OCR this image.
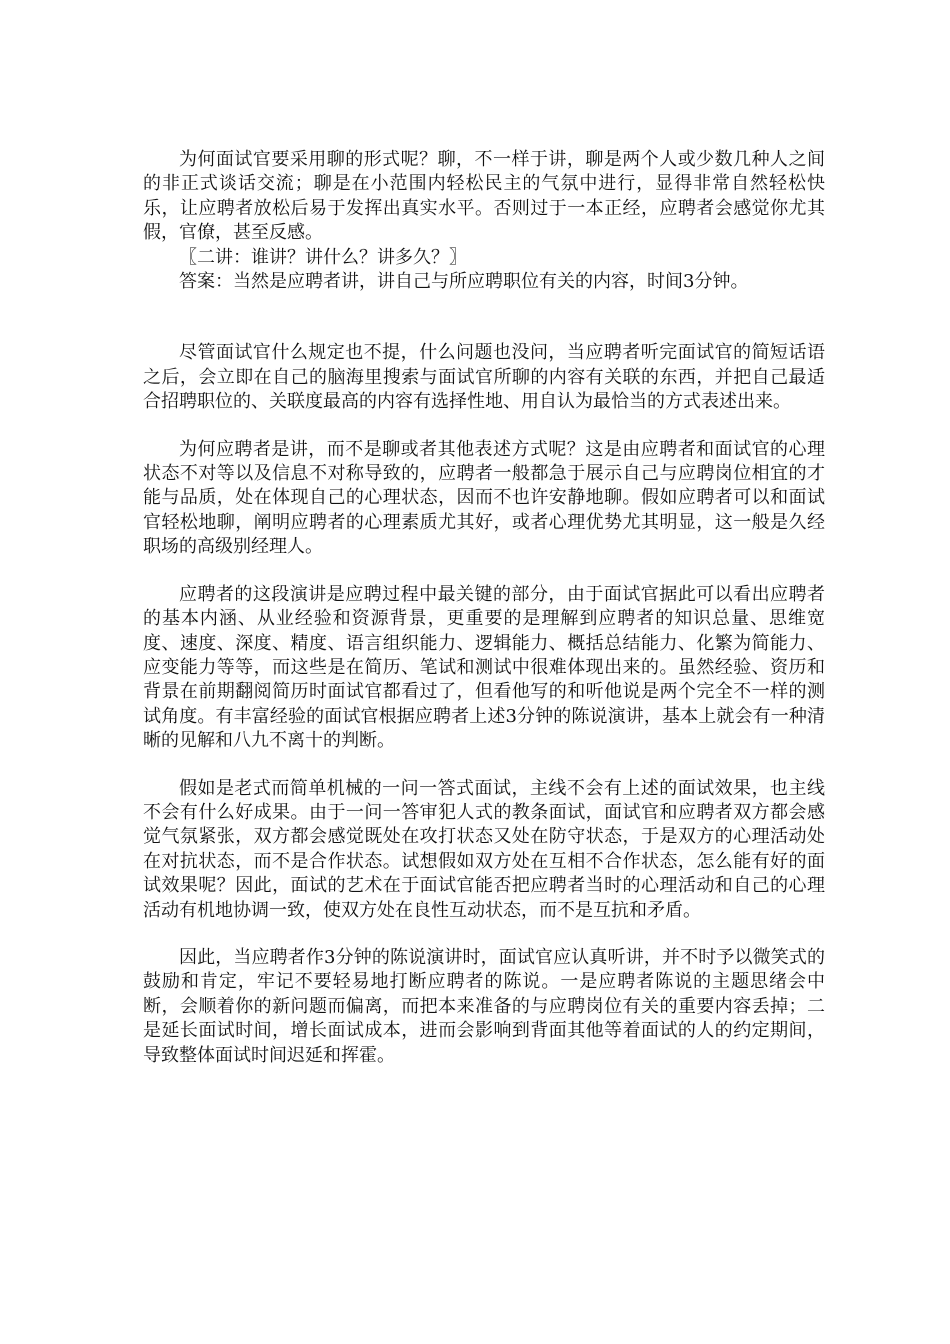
为何面试官要采用聊的形式呢？聊，不一样于讲，聊是两个人或少数几种人之间的非正式谈话交流；聊是在小范围内轻松民主的气氛中进行，显得非常自然轻松快乐，让应聘者放松后易于发挥出真实水平。否则过于一本正经，应聘者会感觉你尤其假，官僚，甚至反感。

〖二讲：谁讲？讲什么？讲多久？〗

答案：当然是应聘者讲，讲自己与所应聘职位有关的内容，时间3分钟。

尽管面试官什么规定也不提，什么问题也没问，当应聘者听完面试官的简短话语之后，会立即在自己的脑海里搜索与面试官所聊的内容有关联的东西，并把自己最适合招聘职位的、关联度最高的内容有选择性地、用自认为最恰当的方式表述出来。

为何应聘者是讲，而不是聊或者其他表述方式呢？这是由应聘者和面试官的心理状态不对等以及信息不对称导致的，应聘者一般都急于展示自己与应聘岗位相宜的才能与品质，处在体现自己的心理状态，因而不也许安静地聊。假如应聘者可以和面试官轻松地聊，阐明应聘者的心理素质尤其好，或者心理优势尤其明显，这一般是久经职场的高级别经理人。

应聘者的这段演讲是应聘过程中最关键的部分，由于面试官据此可以看出应聘者的基本内涵、从业经验和资源背景，更重要的是理解到应聘者的知识总量、思维宽度、速度、深度、精度、语言组织能力、逻辑能力、概括总结能力、化繁为简能力、应变能力等等，而这些是在简历、笔试和测试中很难体现出来的。虽然经验、资历和背景在前期翻阅简历时面试官都看过了，但看他写的和听他说是两个完全不一样的测试角度。有丰富经验的面试官根据应聘者上述3分钟的陈说演讲，基本上就会有一种清晰的见解和八九不离十的判断。

假如是老式而简单机械的一问一答式面试，主线不会有上述的面试效果，也主线不会有什么好成果。由于一问一答审犯人式的教条面试，面试官和应聘者双方都会感觉气氛紧张，双方都会感觉既处在攻打状态又处在防守状态，于是双方的心理活动处在对抗状态，而不是合作状态。试想假如双方处在互相不合作状态，怎么能有好的面试效果呢？因此，面试的艺术在于面试官能否把应聘者当时的心理活动和自己的心理活动有机地协调一致，使双方处在良性互动状态，而不是互抗和矛盾。

因此，当应聘者作3分钟的陈说演讲时，面试官应认真听讲，并不时予以微笑式的鼓励和肯定，牢记不要轻易地打断应聘者的陈说。一是应聘者陈说的主题思绪会中断，会顺着你的新问题而偏离，而把本来准备的与应聘岗位有关的重要内容丢掉；二是延长面试时间，增长面试成本，进而会影响到背面其他等着面试的人的约定期间，导致整体面试时间迟延和挥霍。
